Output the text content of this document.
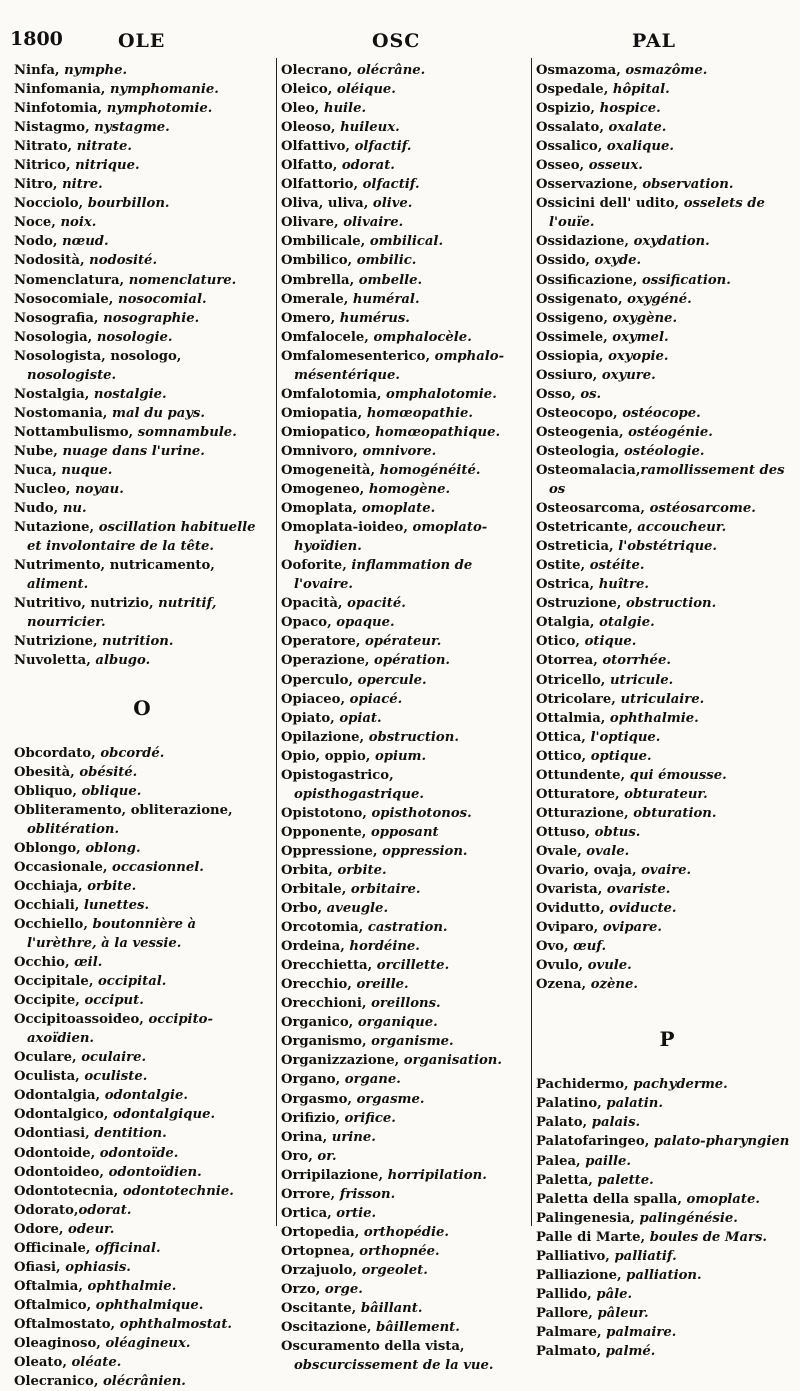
1800	OLE	OSC	PAL

Ninfa, nymphe.

Ninfomania, nymphomanie.

Ninfotomia, nymphotomie.

Nistagmo, nystagme.

Nitrato, nitrate.

Nitrico, nitrique.

Nitro, nitre.

Nocciolo, bourbillon.

Noce, noix.

Nodo, nœud.

Nodosità, nodosité.

Nomenclatura, nomenclature.

Nosocomiale, nosocomial.

Nosografia, nosographie.

Nosologia, nosologie.

Nosologista, nosologo, nosologiste.

Nostalgia, nostalgie.

Nostomania, mal du pays.

Nottambulismo, somnambule.

Nube, nuage dans l'urine.

Nuca, nuque.

Nucleo, noyau.

Nudo, nu.

Nutazione, oscillation habituelle et involontaire de la tête.

Nutrimento, nutricamento, aliment.

Nutritivo, nutrizio, nutritif, nourricier.

Nutrizione, nutrition.

Nuvoletta, albugo.

O

Obcordato, obcordé.

Obesità, obésité.

Obliquo, oblique.

Obliteramento, obliterazione, oblitération.

Oblongo, oblong.

Occasionale, occasionnel.

Occhiaja, orbite.

Occhiali, lunettes.

Occhiello, boutonnière à l'urèthre, à la vessie.

Occhio, œil.

Occipitale, occipital.

Occipite, occiput.

Occipitoassoideo, occipito-axoïdien.

Oculare, oculaire.

Oculista, oculiste.

Odontalgia, odontalgie.

Odontalgico, odontalgique.

Odontiasi, dentition.

Odontoide, odontoïde.

Odontoideo, odontoïdien.

Odontotecnia, odontotechnie.

Odorato,odorat.

Odore, odeur.

Officinale, officinal.

Ofiasi, ophiasis.

Oftalmia, ophthalmie.

Oftalmico, ophthalmique.

Oftalmostato, ophthalmostat.

Oleaginoso, oléagineux.

Oleato, oléate.

Olecranico, olécrânien.

Olecrano, olécrâne.

Oleico, oléique.

Oleo, huile.

Oleoso, huileux.

Olfattivo, olfactif.

Olfatto, odorat.

Olfattorio, olfactif.

Oliva, uliva, olive.

Olivare, olivaire.

Ombilicale, ombilical.

Ombilico, ombilic.

Ombrella, ombelle.

Omerale, huméral.

Omero, humérus.

Omfalocele, omphalocèle.

Omfalomesenterico, omphalo-mésentérique.

Omfalotomia, omphalotomie.

Omiopatia, homœopathie.

Omiopatico, homœopathique.

Omnivoro, omnivore.

Omogeneità, homogénéité.

Omogeneo, homogène.

Omoplata, omoplate.

Omoplata-ioideo, omoplato-hyoïdien.

Ooforite, inflammation de l'ovaire.

Opacità, opacité.

Opaco, opaque.

Operatore, opérateur.

Operazione, opération.

Operculo, opercule.

Opiaceo, opiacé.

Opiato, opiat.

Opilazione, obstruction.

Opio, oppio, opium.

Opistogastrico, opisthogastrique.

Opistotono, opisthotonos.

Opponente, opposant

Oppressione, oppression.

Orbita, orbite.

Orbitale, orbitaire.

Orbo, aveugle.

Orcotomia, castration.

Ordeina, hordéine.

Orecchietta, orcillette.

Orecchio, oreille.

Orecchioni, oreillons.

Organico, organique.

Organismo, organisme.

Organizzazione, organisation.

Organo, organe.

Orgasmo, orgasme.

Orifizio, orifice.

Orina, urine.

Oro, or.

Orripilazione, horripilation.

Orrore, frisson.

Ortica, ortie.

Ortopedia, orthopédie.

Ortopnea, orthopnée.

Orzajuolo, orgeolet.

Orzo, orge.

Oscitante, bâillant.

Oscitazione, bâillement.

Oscuramento della vista, obscurcissement de la vue.

Osmazoma, osmazôme.

Ospedale, hôpital.

Ospizio, hospice.

Ossalato, oxalate.

Ossalico, oxalique.

Osseo, osseux.

Osservazione, observation.

Ossicini dell' udito, osselets de l'ouïe.

Ossidazione, oxydation.

Ossido, oxyde.

Ossificazione, ossification.

Ossigenato, oxygéné.

Ossigeno, oxygène.

Ossimele, oxymel.

Ossiopia, oxyopie.

Ossiuro, oxyure.

Osso, os.

Osteocopo, ostéocope.

Osteogenia, ostéogénie.

Osteologia, ostéologie.

Osteomalacia,ramollissement des os

Osteosarcoma, ostéosarcome.

Ostetricante, accoucheur.

Ostreticia, l'obstétrique.

Ostite, ostéite.

Ostrica, huître.

Ostruzione, obstruction.

Otalgia, otalgie.

Otico, otique.

Otorrea, otorrhée.

Otricello, utricule.

Otricolare, utriculaire.

Ottalmia, ophthalmie.

Ottica, l'optique.

Ottico, optique.

Ottundente, qui émousse.

Otturatore, obturateur.

Otturazione, obturation.

Ottuso, obtus.

Ovale, ovale.

Ovario, ovaja, ovaire.

Ovarista, ovariste.

Ovidutto, oviducte.

Oviparo, ovipare.

Ovo, œuf.

Ovulo, ovule.

Ozena, ozène.

P

Pachidermo, pachyderme.

Palatino, palatin.

Palato, palais.

Palatofaringeo, palato-pharyngien

Palea, paille.

Paletta, palette.

Paletta della spalla, omoplate.

Palingenesia, palingénésie.

Palle di Marte, boules de Mars.

Palliativo, palliatif.

Palliazione, palliation.

Pallido, pâle.

Pallore, pâleur.

Palmare, palmaire.

Palmato, palmé.
